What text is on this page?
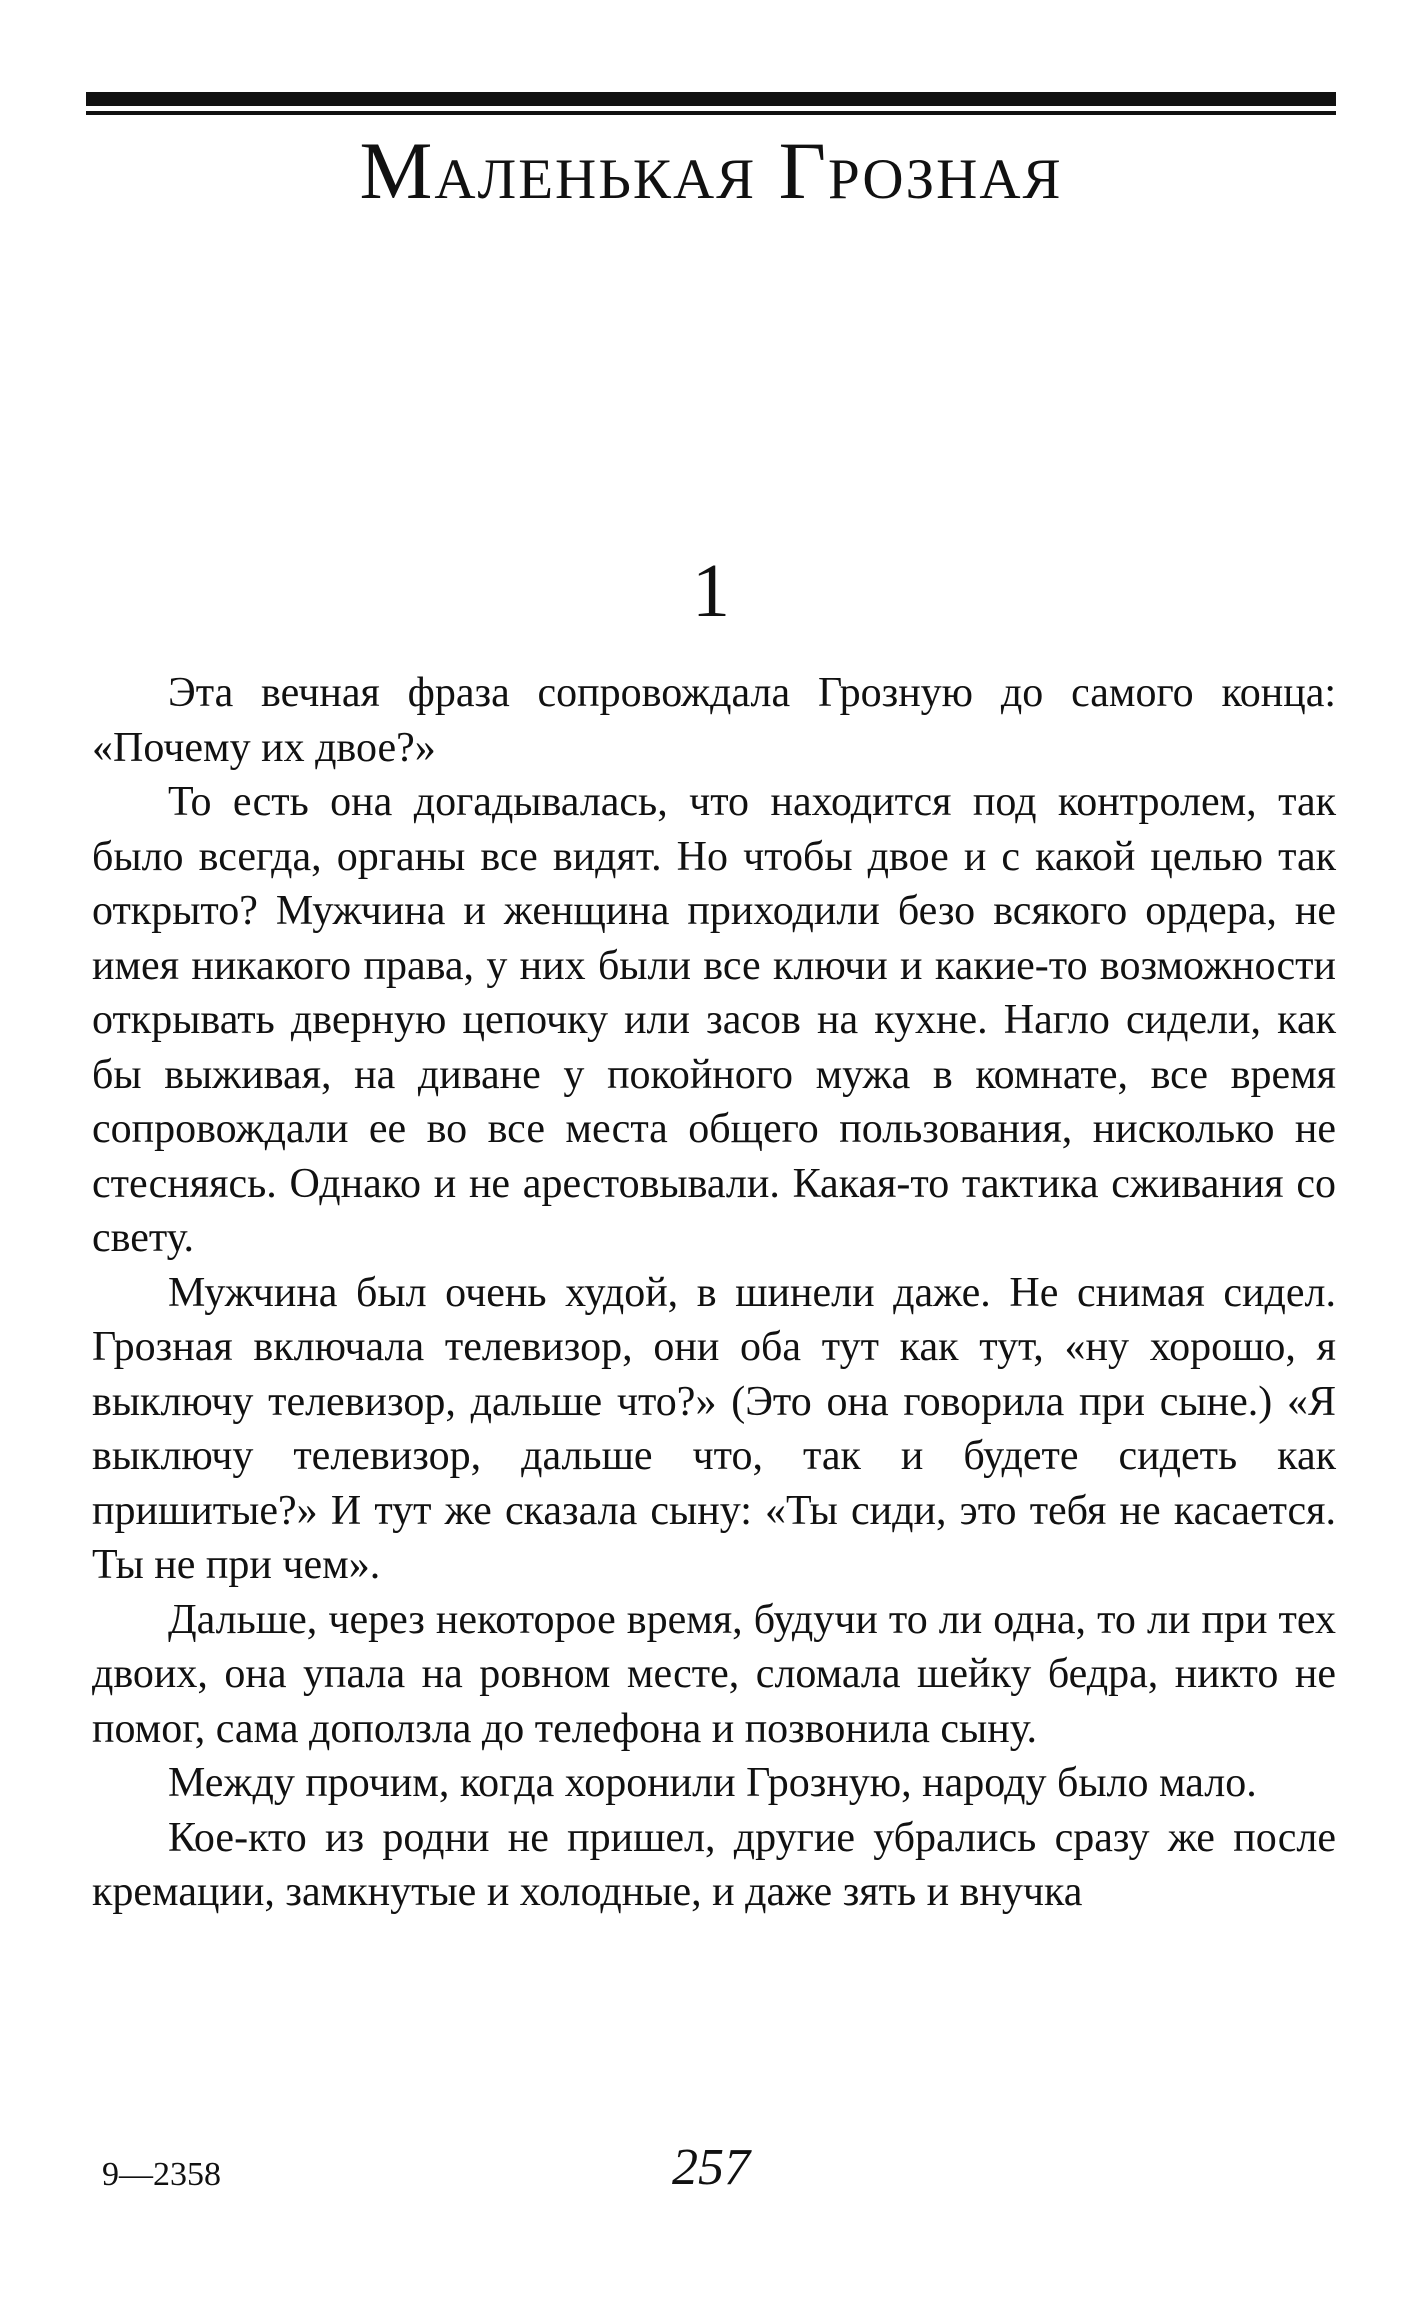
Маленькая Грозная
1

Эта вечная фраза сопровождала Грозную до самого конца: «Почему их двое?»

То есть она догадывалась, что находится под контролем, так было всегда, органы все видят. Но чтобы двое и с какой целью так открыто? Мужчина и женщина приходили безо всякого ордера, не имея никакого права, у них были все ключи и какие-то возможности открывать дверную цепочку или засов на кухне. Нагло сидели, как бы выживая, на диване у покойного мужа в комнате, все время сопровождали ее во все места общего пользования, нисколько не стесняясь. Однако и не арестовывали. Какая-то тактика сживания со свету.

Мужчина был очень худой, в шинели даже. Не снимая сидел. Грозная включала телевизор, они оба тут как тут, «ну хорошо, я выключу телевизор, дальше что?» (Это она говорила при сыне.) «Я выключу телевизор, дальше что, так и будете сидеть как пришитые?» И тут же сказала сыну: «Ты сиди, это тебя не касается. Ты не при чем».

Дальше, через некоторое время, будучи то ли одна, то ли при тех двоих, она упала на ровном месте, сломала шейку бедра, никто не помог, сама доползла до телефона и позвонила сыну.

Между прочим, когда хоронили Грозную, народу было мало.

Кое-кто из родни не пришел, другие убрались сразу же после кремации, замкнутые и холодные, и даже зять и внучка

9—2358	257
